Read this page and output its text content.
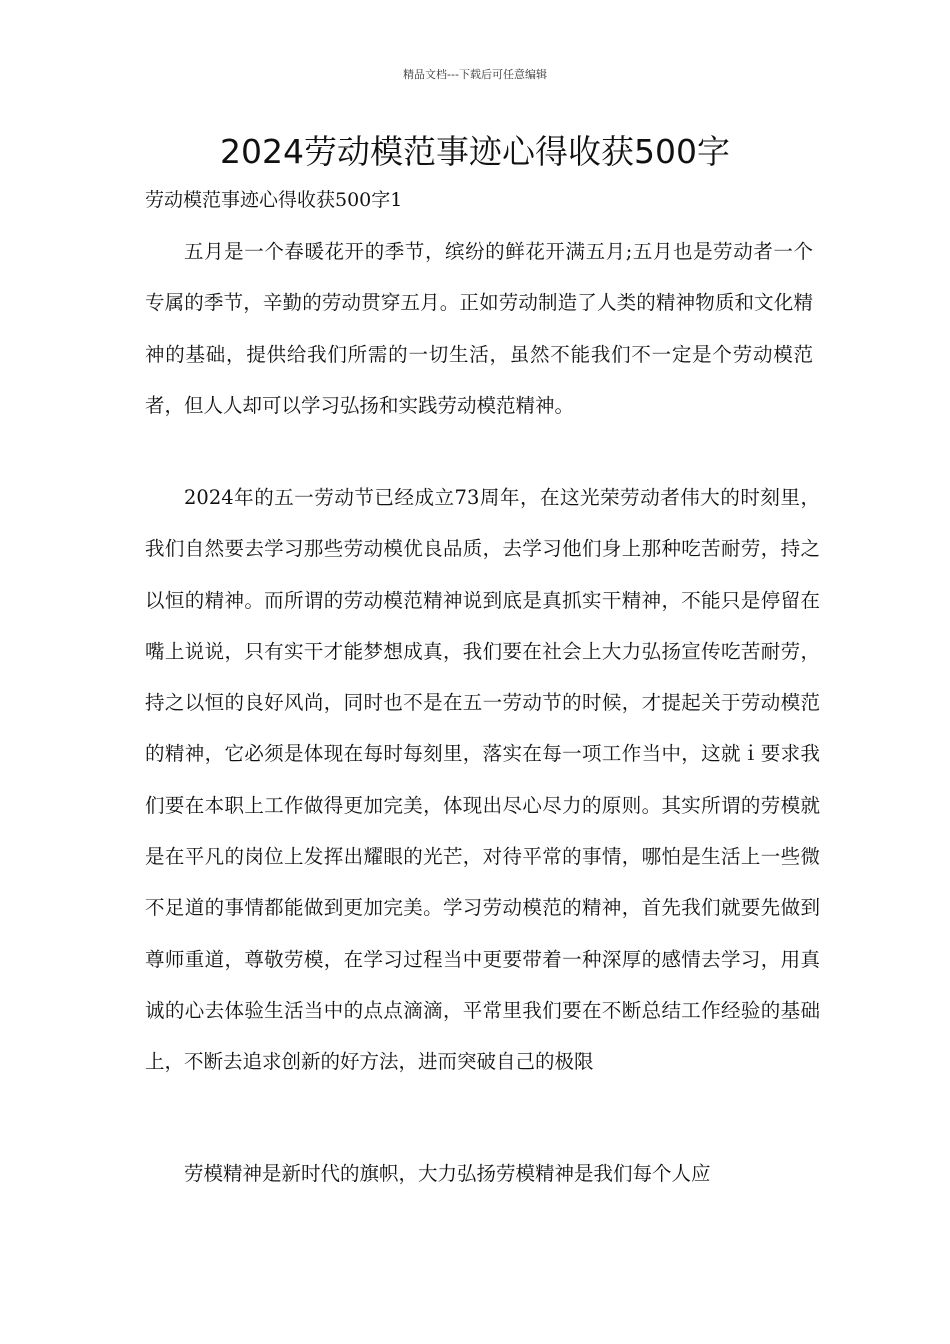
精品文档---下载后可任意编辑
2024劳动模范事迹心得收获500字

劳动模范事迹心得收获500字1

五月是一个春暖花开的季节，缤纷的鲜花开满五月;五月也是劳动者一个专属的季节，辛勤的劳动贯穿五月。正如劳动制造了人类的精神物质和文化精神的基础，提供给我们所需的一切生活，虽然不能我们不一定是个劳动模范者，但人人却可以学习弘扬和实践劳动模范精神。

2024年的五一劳动节已经成立73周年，在这光荣劳动者伟大的时刻里，我们自然要去学习那些劳动模优良品质，去学习他们身上那种吃苦耐劳，持之以恒的精神。而所谓的劳动模范精神说到底是真抓实干精神，不能只是停留在嘴上说说，只有实干才能梦想成真，我们要在社会上大力弘扬宣传吃苦耐劳，持之以恒的良好风尚，同时也不是在五一劳动节的时候，才提起关于劳动模范的精神，它必须是体现在每时每刻里，落实在每一项工作当中，这就ｉ要求我们要在本职上工作做得更加完美，体现出尽心尽力的原则。其实所谓的劳模就是在平凡的岗位上发挥出耀眼的光芒，对待平常的事情，哪怕是生活上一些微不足道的事情都能做到更加完美。学习劳动模范的精神，首先我们就要先做到尊师重道，尊敬劳模，在学习过程当中更要带着一种深厚的感情去学习，用真诚的心去体验生活当中的点点滴滴，平常里我们要在不断总结工作经验的基础上，不断去追求创新的好方法，进而突破自己的极限

劳模精神是新时代的旗帜，大力弘扬劳模精神是我们每个人应
